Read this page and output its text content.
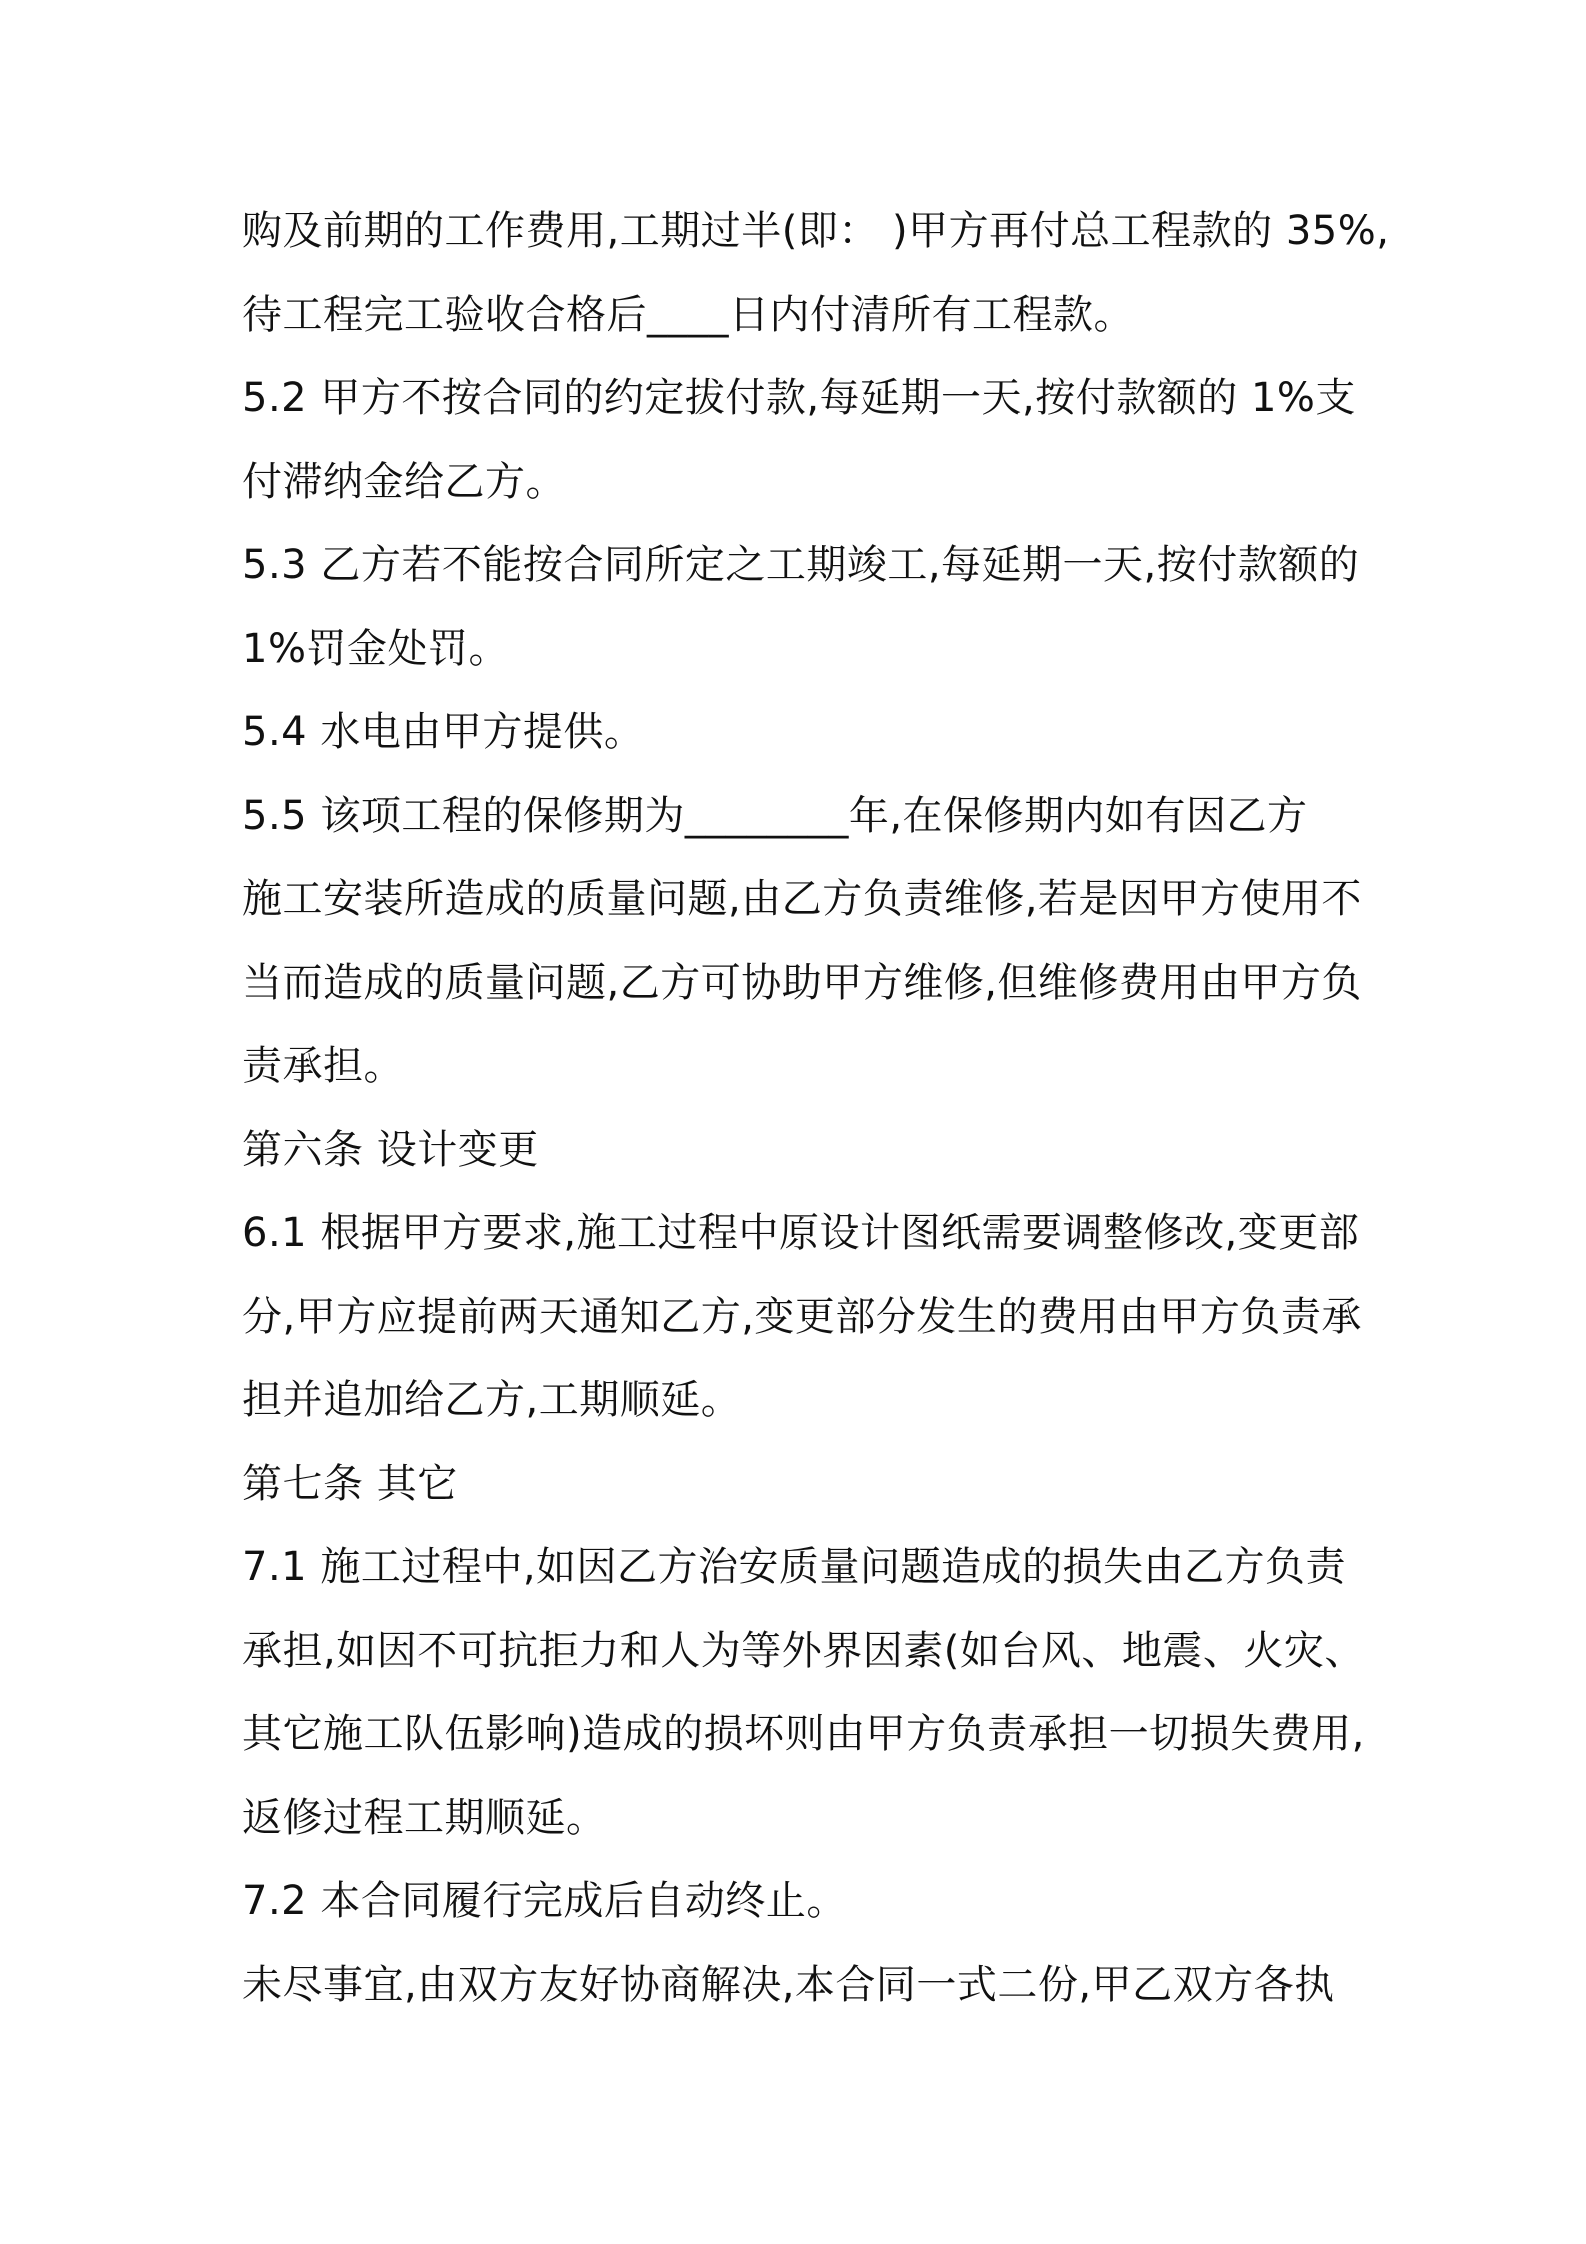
购及前期的工作费用,工期过半(即： )甲方再付总工程款的 35%,
待工程完工验收合格后____日内付清所有工程款。
5.2 甲方不按合同的约定拔付款,每延期一天,按付款额的 1%支
付滞纳金给乙方。
5.3 乙方若不能按合同所定之工期竣工,每延期一天,按付款额的
1%罚金处罚。
5.4 水电由甲方提供。
5.5 该项工程的保修期为________年,在保修期内如有因乙方
施工安装所造成的质量问题,由乙方负责维修,若是因甲方使用不
当而造成的质量问题,乙方可协助甲方维修,但维修费用由甲方负
责承担。
第六条 设计变更
6.1 根据甲方要求,施工过程中原设计图纸需要调整修改,变更部
分,甲方应提前两天通知乙方,变更部分发生的费用由甲方负责承
担并追加给乙方,工期顺延。
第七条 其它
7.1 施工过程中,如因乙方治安质量问题造成的损失由乙方负责
承担,如因不可抗拒力和人为等外界因素(如台风、地震、火灾、
其它施工队伍影响)造成的损坏则由甲方负责承担一切损失费用,
返修过程工期顺延。
7.2 本合同履行完成后自动终止。
未尽事宜,由双方友好协商解决,本合同一式二份,甲乙双方各执
